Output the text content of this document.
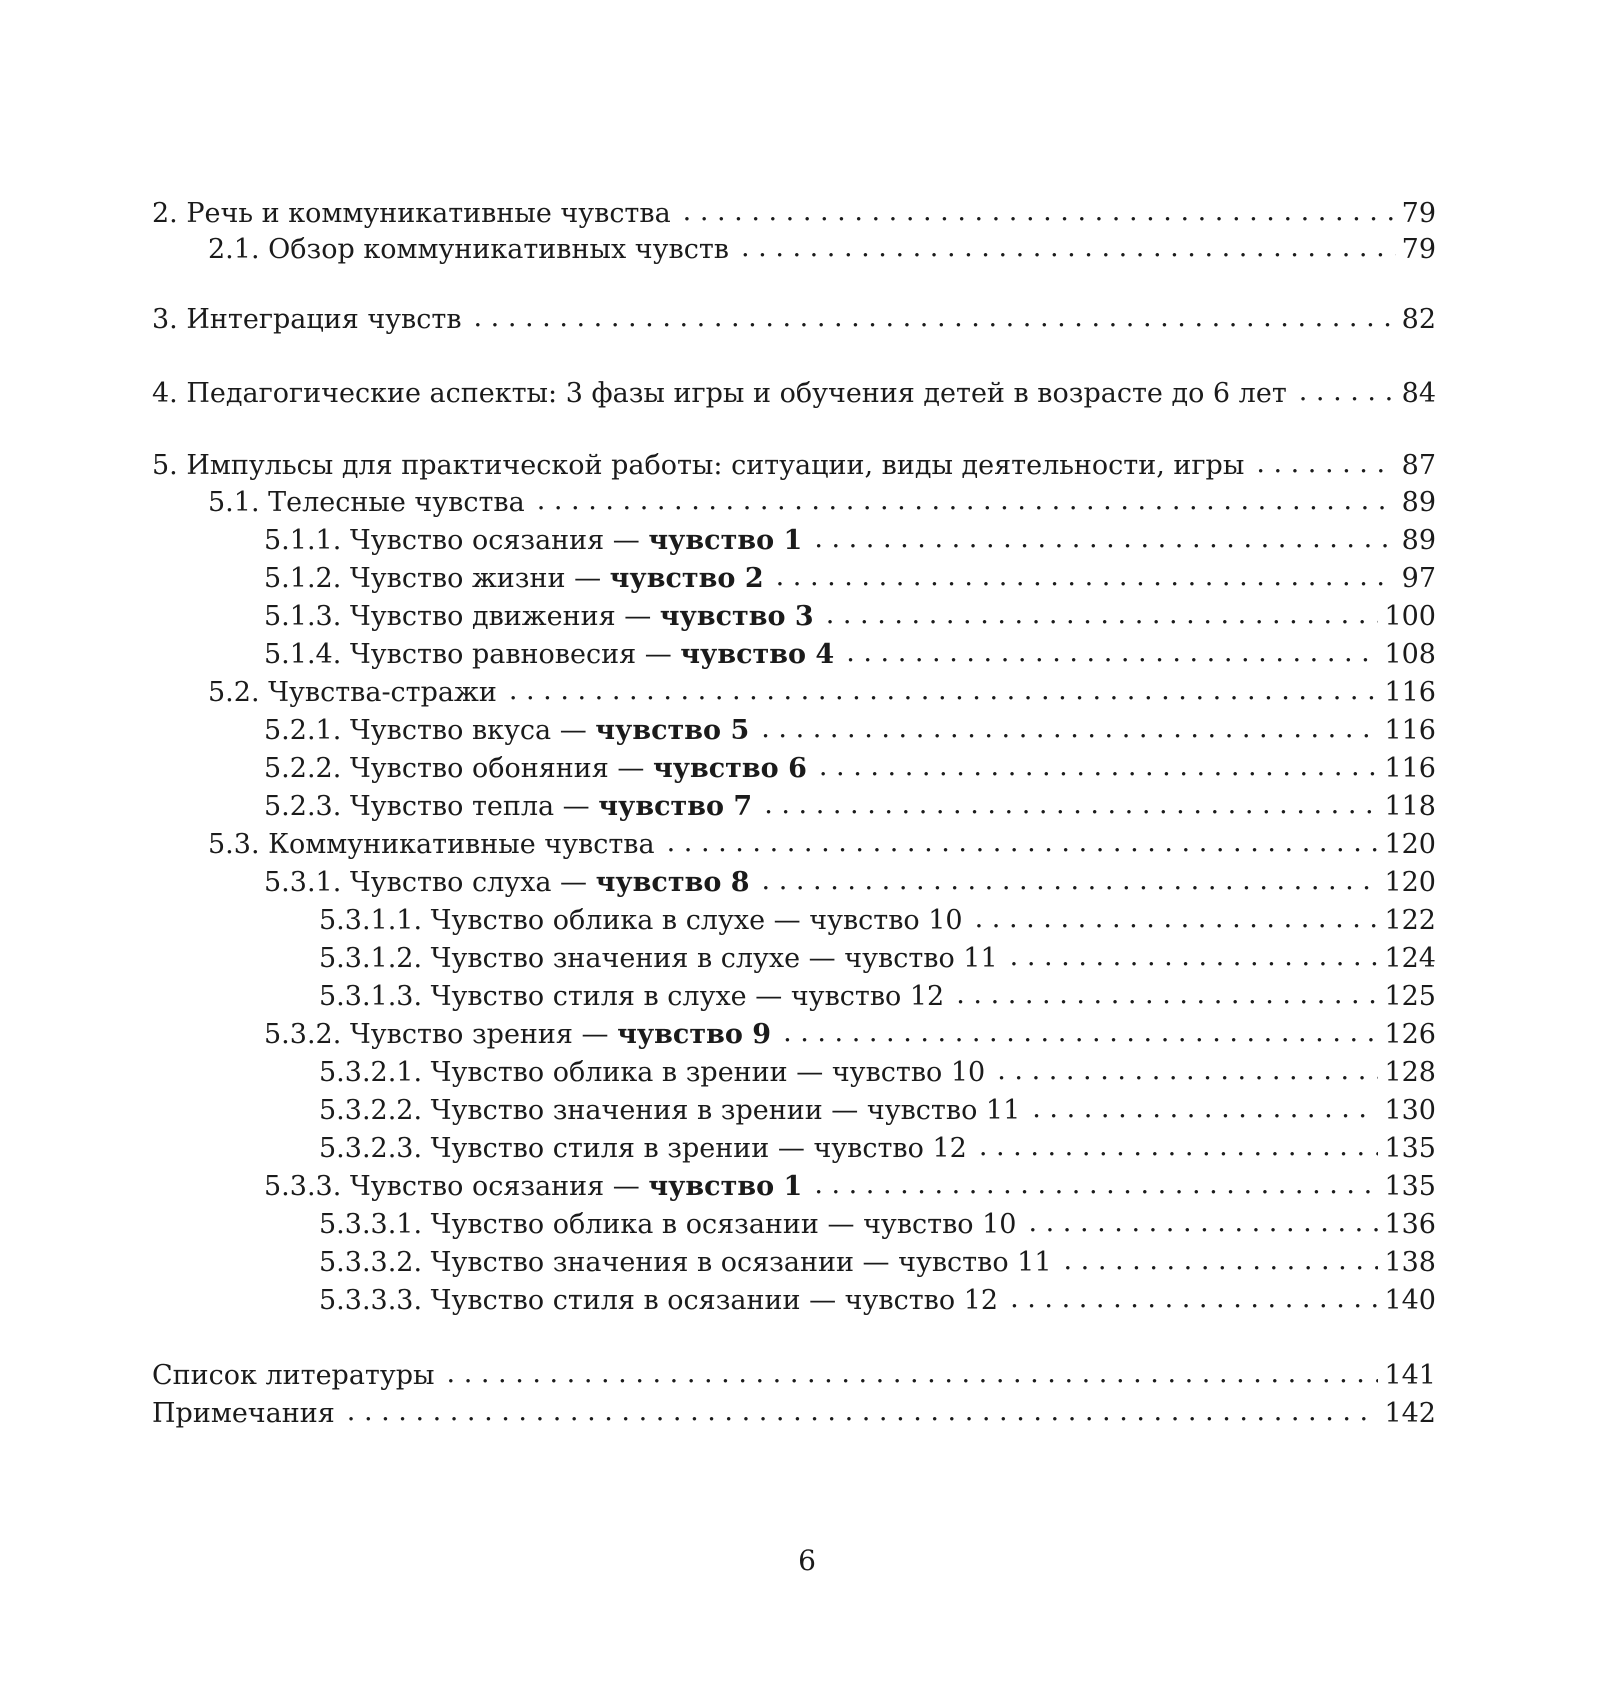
2. Речь и коммуникативные чувства . . .	79
2.1. Обзор коммуникативных чувств . . .	79
3. Интеграция чувств . . .	82
4. Педагогические аспекты: 3 фазы игры и обучения детей в возрасте до 6 лет . . .	84
5. Импульсы для практической работы: ситуации, виды деятельности, игры . . .	87
5.1. Телесные чувства . . .	89
5.1.1. Чувство осязания — чувство 1 . . .	89
5.1.2. Чувство жизни — чувство 2 . . .	97
5.1.3. Чувство движения — чувство 3 . . .	100
5.1.4. Чувство равновесия — чувство 4 . . .	108
5.2. Чувства-стражи . . .	116
5.2.1. Чувство вкуса — чувство 5 . . .	116
5.2.2. Чувство обоняния — чувство 6 . . .	116
5.2.3. Чувство тепла — чувство 7 . . .	118
5.3. Коммуникативные чувства . . .	120
5.3.1. Чувство слуха — чувство 8 . . .	120
5.3.1.1. Чувство облика в слухе — чувство 10 . . .	122
5.3.1.2. Чувство значения в слухе — чувство 11 . . .	124
5.3.1.3. Чувство стиля в слухе — чувство 12 . . .	125
5.3.2. Чувство зрения — чувство 9 . . .	126
5.3.2.1. Чувство облика в зрении — чувство 10 . . .	128
5.3.2.2. Чувство значения в зрении — чувство 11 . . .	130
5.3.2.3. Чувство стиля в зрении — чувство 12 . . .	135
5.3.3. Чувство осязания — чувство 1 . . .	135
5.3.3.1. Чувство облика в осязании — чувство 10 . . .	136
5.3.3.2. Чувство значения в осязании — чувство 11 . . .	138
5.3.3.3. Чувство стиля в осязании — чувство 12 . . .	140
Список литературы . . .	141
Примечания . . .	142
6
